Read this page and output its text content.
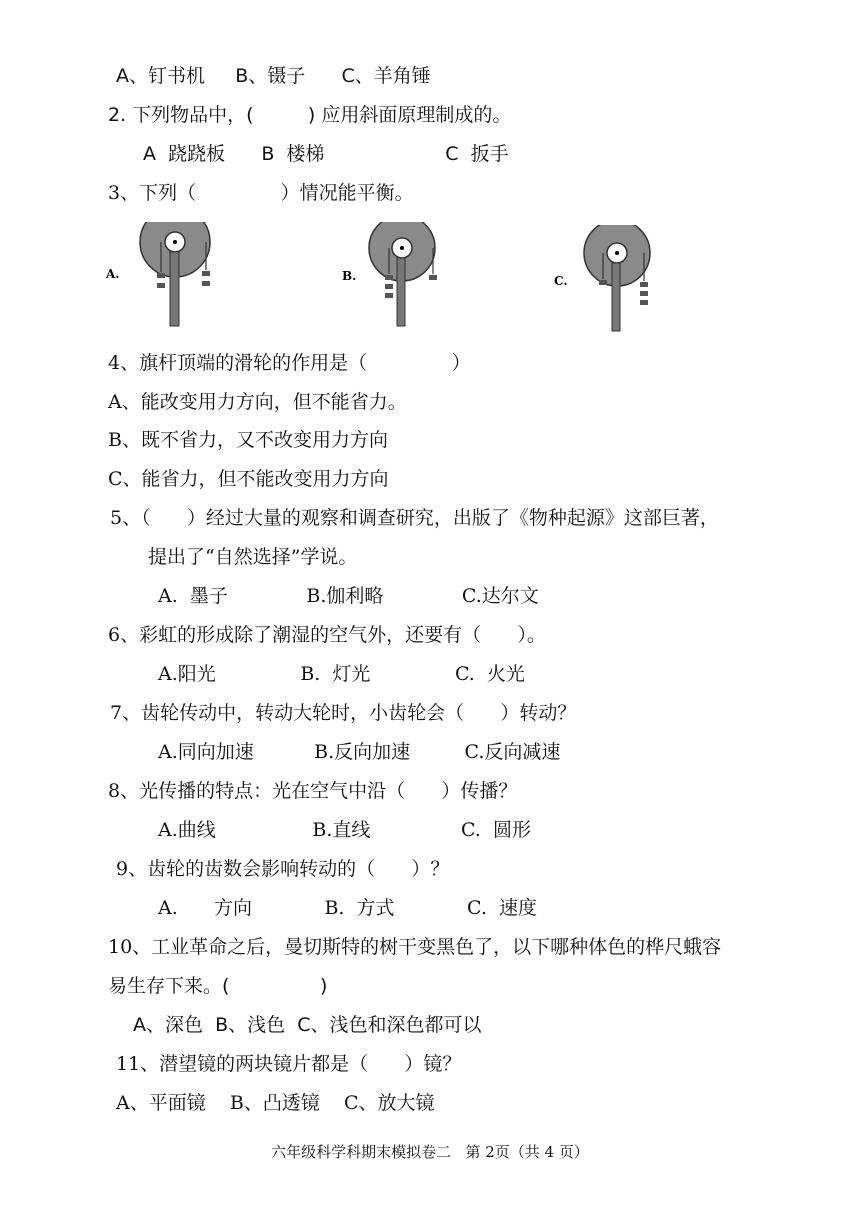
A、钉书机     B、镊子      C、羊角锤
2. 下列物品中，(         ) 应用斜面原理制成的。
A  跷跷板      B  楼梯                    C  扳手
3、下列（              ）情况能平衡。
A.	B.	C.
4、旗杆顶端的滑轮的作用是（              ）
A、能改变用力方向，但不能省力。
B、既不省力，又不改变用力方向
C、能省力，但不能改变用力方向
5、（      ）经过大量的观察和调查研究，出版了《物种起源》这部巨著，
提出了“自然选择”学说。
A.  墨子             B.伽利略             C.达尔文
6、彩虹的形成除了潮湿的空气外，还要有（      ）。
A.阳光              B.  灯光              C.  火光
7、齿轮传动中，转动大轮时，小齿轮会（      ）转动？
A.同向加速          B.反向加速         C.反向减速
8、光传播的特点：光在空气中沿（      ）传播？
A.曲线                B.直线               C.  圆形
9、齿轮的齿数会影响转动的（      ）？
A.      方向            B.  方式            C.  速度
10、工业革命之后，曼切斯特的树干变黑色了，以下哪种体色的桦尺蛾容
易生存下来。(               )
A、深色  B、浅色  C、浅色和深色都可以
11、潜望镜的两块镜片都是（      ）镜？
A、平面镜    B、凸透镜    C、放大镜
六年级科学科期末模拟卷二   第 2页（共 4 页）
